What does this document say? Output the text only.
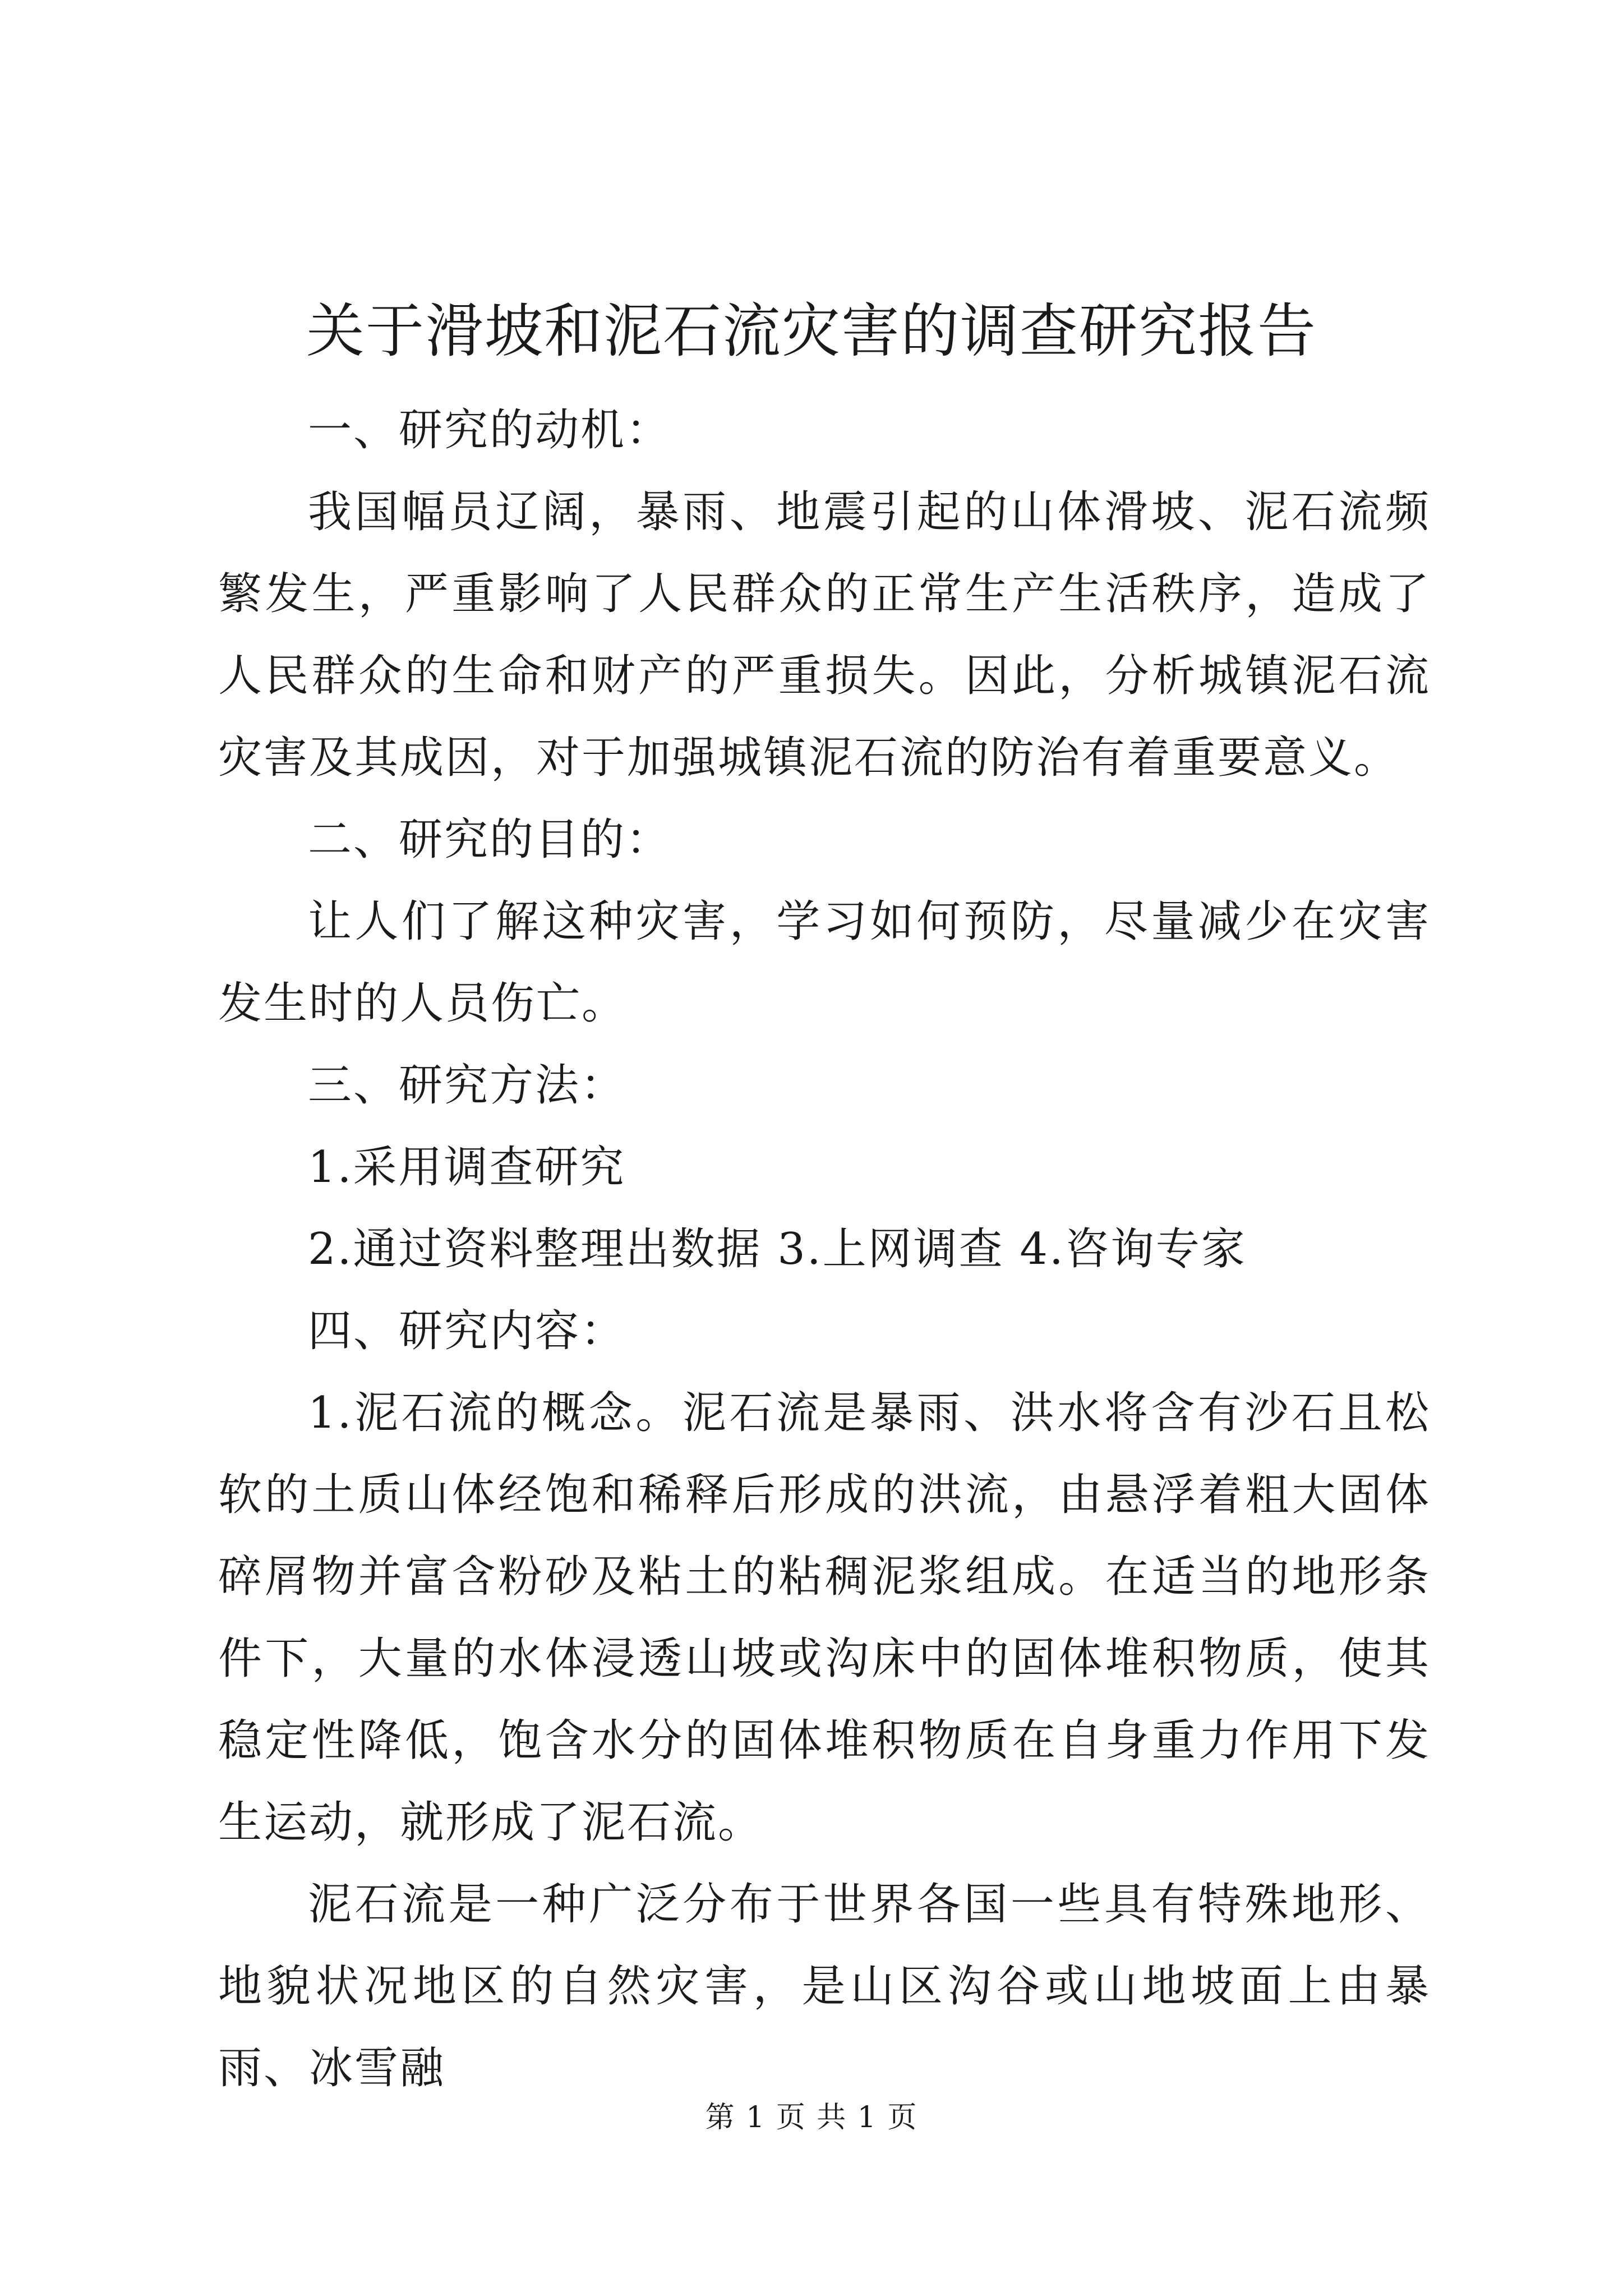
关于滑坡和泥石流灾害的调查研究报告

一、研究的动机：

我国幅员辽阔，暴雨、地震引起的山体滑坡、泥石流频繁发生，严重影响了人民群众的正常生产生活秩序，造成了人民群众的生命和财产的严重损失。因此，分析城镇泥石流灾害及其成因，对于加强城镇泥石流的防治有着重要意义。

二、研究的目的：

让人们了解这种灾害，学习如何预防，尽量减少在灾害发生时的人员伤亡。

三、研究方法：

1.采用调查研究

2.通过资料整理出数据 3.上网调查 4.咨询专家

四、研究内容：

1.泥石流的概念。泥石流是暴雨、洪水将含有沙石且松软的土质山体经饱和稀释后形成的洪流，由悬浮着粗大固体碎屑物并富含粉砂及粘土的粘稠泥浆组成。在适当的地形条件下，大量的水体浸透山坡或沟床中的固体堆积物质，使其稳定性降低，饱含水分的固体堆积物质在自身重力作用下发生运动，就形成了泥石流。

泥石流是一种广泛分布于世界各国一些具有特殊地形、地貌状况地区的自然灾害，是山区沟谷或山地坡面上由暴雨、冰雪融

第 1 页 共 1 页
